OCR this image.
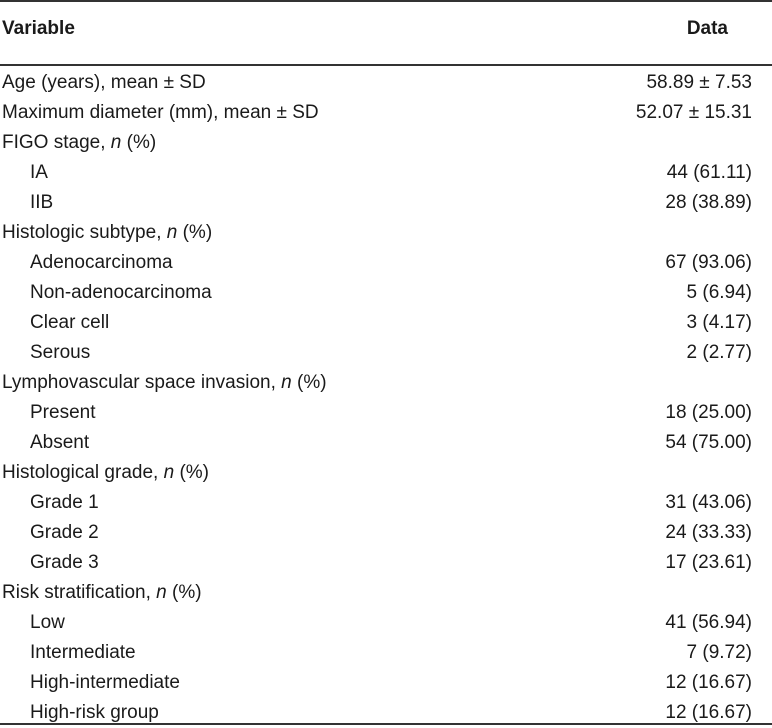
Variable	Data
Age (years), mean ± SD	58.89 ± 7.53
Maximum diameter (mm), mean ± SD	52.07 ± 15.31
FIGO stage, n (%)
IA	44 (61.11)
IIB	28 (38.89)
Histologic subtype, n (%)
Adenocarcinoma	67 (93.06)
Non-adenocarcinoma	5 (6.94)
Clear cell	3 (4.17)
Serous	2 (2.77)
Lymphovascular space invasion, n (%)
Present	18 (25.00)
Absent	54 (75.00)
Histological grade, n (%)
Grade 1	31 (43.06)
Grade 2	24 (33.33)
Grade 3	17 (23.61)
Risk stratification, n (%)
Low	41 (56.94)
Intermediate	7 (9.72)
High-intermediate	12 (16.67)
High-risk group	12 (16.67)
